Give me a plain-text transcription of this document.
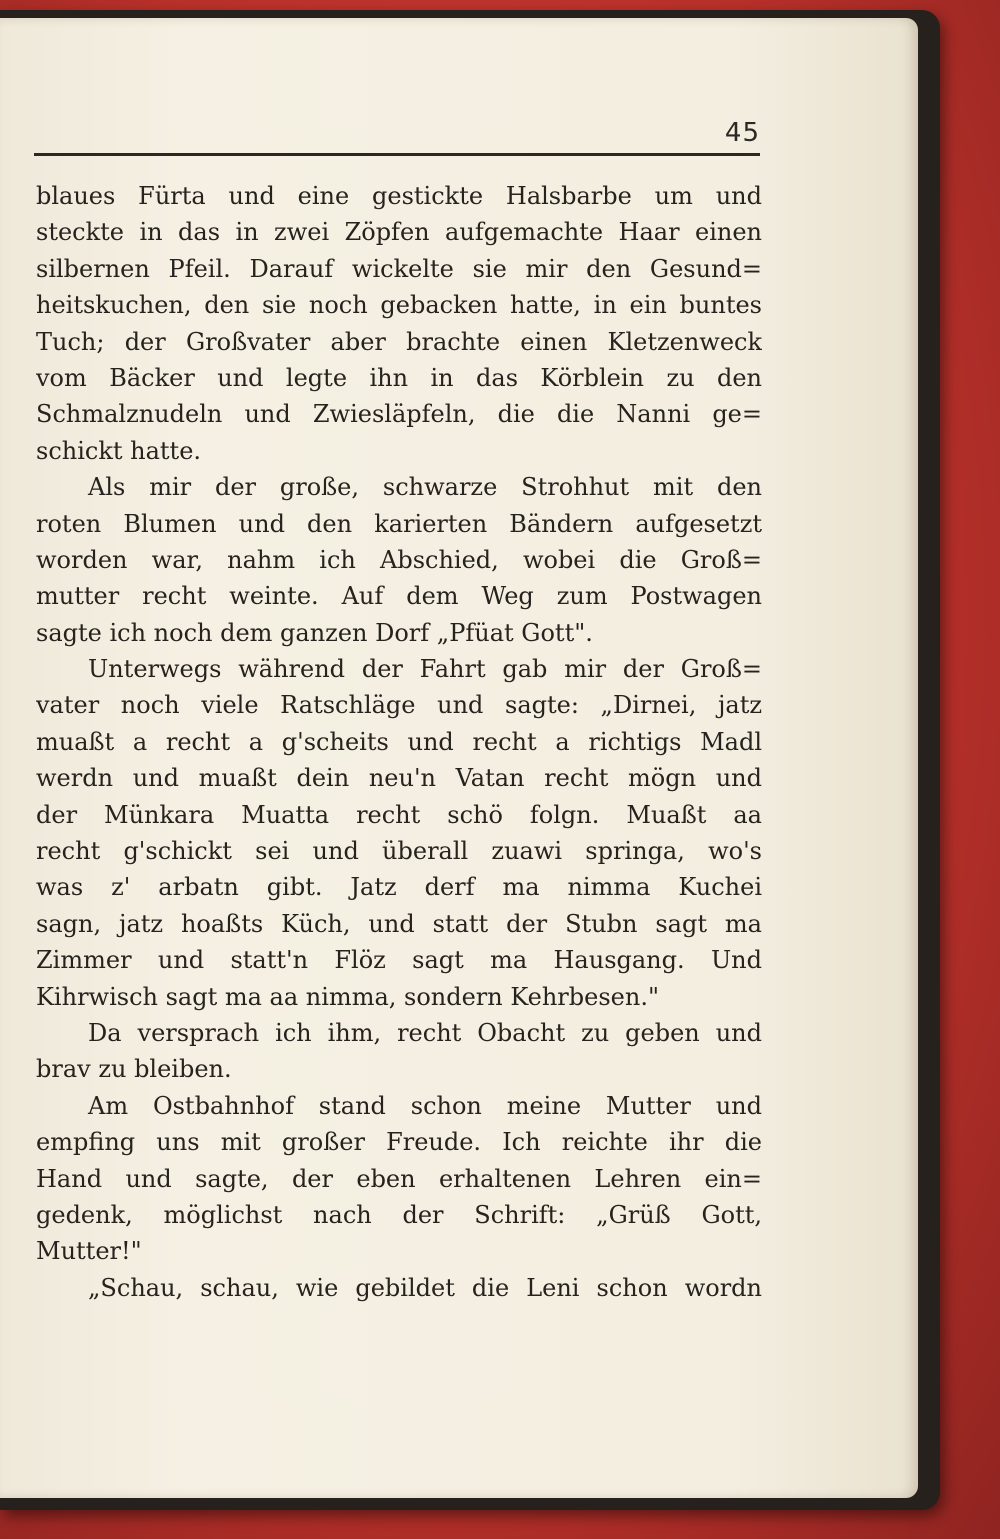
45
blaues Fürta und eine gestickte Halsbarbe um und
steckte in das in zwei Zöpfen aufgemachte Haar einen
silbernen Pfeil. Darauf wickelte sie mir den Gesund=
heitskuchen, den sie noch gebacken hatte, in ein buntes
Tuch; der Großvater aber brachte einen Kletzenweck
vom Bäcker und legte ihn in das Körblein zu den
Schmalznudeln und Zwiesläpfeln, die die Nanni ge=
schickt hatte.
Als mir der große, schwarze Strohhut mit den
roten Blumen und den karierten Bändern aufgesetzt
worden war, nahm ich Abschied, wobei die Groß=
mutter recht weinte. Auf dem Weg zum Postwagen
sagte ich noch dem ganzen Dorf „Pfüat Gott".
Unterwegs während der Fahrt gab mir der Groß=
vater noch viele Ratschläge und sagte: „Dirnei, jatz
muaßt a recht a g'scheits und recht a richtigs Madl
werdn und muaßt dein neu'n Vatan recht mögn und
der Münkara Muatta recht schö folgn. Muaßt aa
recht g'schickt sei und überall zuawi springa, wo's
was z' arbatn gibt. Jatz derf ma nimma Kuchei
sagn, jatz hoaßts Küch, und statt der Stubn sagt ma
Zimmer und statt'n Flöz sagt ma Hausgang. Und
Kihrwisch sagt ma aa nimma, sondern Kehrbesen."
Da versprach ich ihm, recht Obacht zu geben und
brav zu bleiben.
Am Ostbahnhof stand schon meine Mutter und
empfing uns mit großer Freude. Ich reichte ihr die
Hand und sagte, der eben erhaltenen Lehren ein=
gedenk, möglichst nach der Schrift: „Grüß Gott,
Mutter!"
„Schau, schau, wie gebildet die Leni schon wordn
